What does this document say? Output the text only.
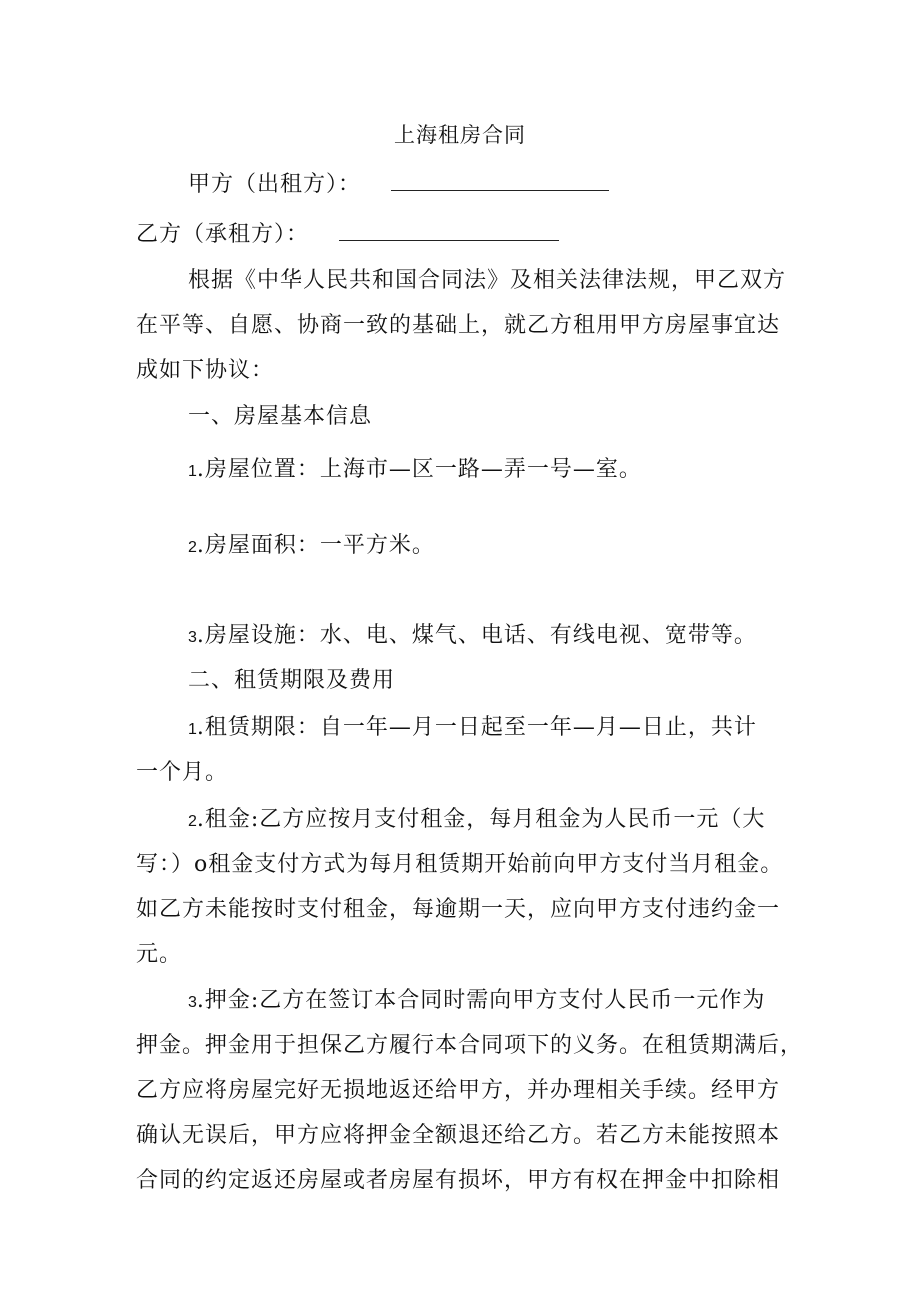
上海租房合同
甲方（出租方）：
乙方（承租方）：
根据《中华人民共和国合同法》及相关法律法规，甲乙双方
在平等、自愿、协商一致的基础上，就乙方租用甲方房屋事宜达
成如下协议：
一、房屋基本信息
1.房屋位置：上海市—区一路—弄一号—室。
2.房屋面积：一平方米。
3.房屋设施：水、电、煤气、电话、有线电视、宽带等。
二、租赁期限及费用
1.租赁期限：自一年—月一日起至一年—月—日止，共计
一个月。
2.租金:乙方应按月支付租金，每月租金为人民币一元（大
写：）o租金支付方式为每月租赁期开始前向甲方支付当月租金。
如乙方未能按时支付租金，每逾期一天，应向甲方支付违约金一
元。
3.押金:乙方在签订本合同时需向甲方支付人民币一元作为
押金。押金用于担保乙方履行本合同项下的义务。在租赁期满后，
乙方应将房屋完好无损地返还给甲方，并办理相关手续。经甲方
确认无误后，甲方应将押金全额退还给乙方。若乙方未能按照本
合同的约定返还房屋或者房屋有损坏，甲方有权在押金中扣除相
